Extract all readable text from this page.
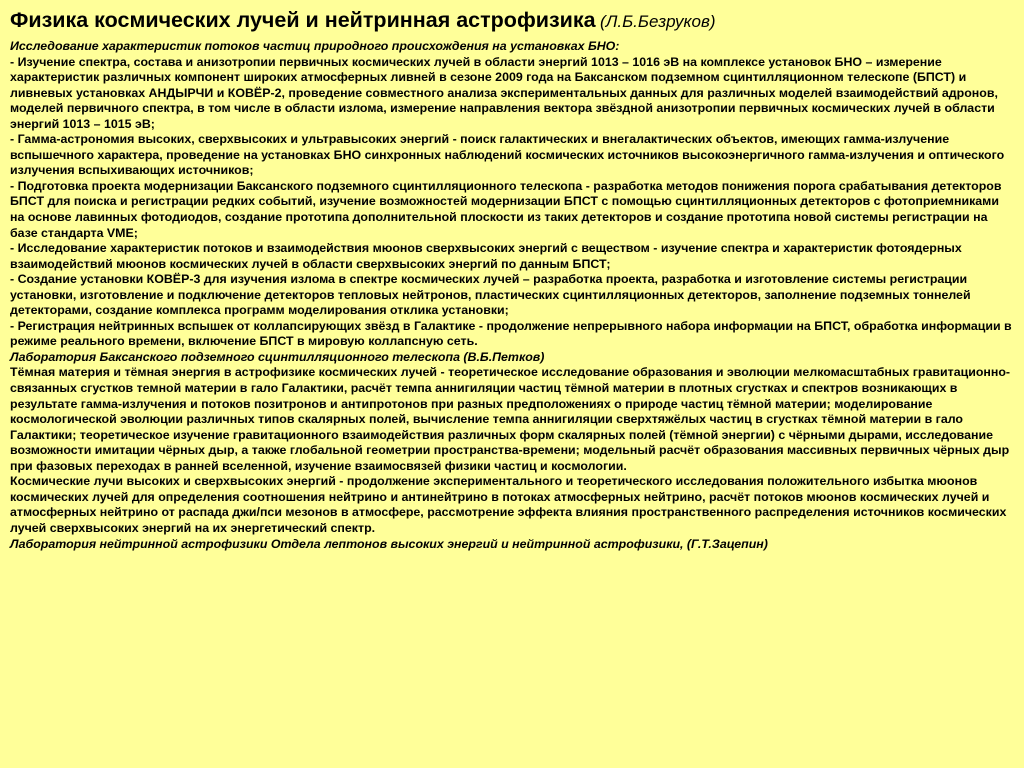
Физика космических лучей и нейтринная астрофизика (Л.Б.Безруков)

Исследование характеристик потоков частиц природного происхождения на установках БНО:

- Изучение спектра, состава и анизотропии первичных космических лучей в области энергий 1013 – 1016 эВ на комплексе установок БНО – измерение характеристик различных компонент широких атмосферных ливней в сезоне 2009 года на Баксанском подземном сцинтилляционном телескопе (БПСТ) и ливневых установках АНДЫРЧИ и КОВЁР-2, проведение совместного анализа экспериментальных данных для различных моделей взаимодействий адронов, моделей первичного спектра, в том числе в области излома, измерение направления вектора звёздной анизотропии первичных космических лучей в области энергий 1013 – 1015 эВ;

- Гамма-астрономия высоких, сверхвысоких и ультравысоких энергий - поиск галактических и внегалактических объектов, имеющих гамма-излучение вспышечного характера, проведение на установках БНО синхронных наблюдений космических источников высокоэнергичного гамма-излучения и оптического излучения вспыхивающих источников;

- Подготовка проекта модернизации Баксанского подземного сцинтилляционного телескопа - разработка методов понижения порога срабатывания детекторов БПСТ для поиска и регистрации редких событий, изучение возможностей модернизации БПСТ с помощью сцинтилляционных детекторов с фотоприемниками на основе лавинных фотодиодов, создание прототипа дополнительной плоскости из таких детекторов и создание прототипа новой системы регистрации на базе стандарта VME;

- Исследование характеристик потоков и взаимодействия мюонов сверхвысоких энергий с веществом - изучение спектра и характеристик фотоядерных взаимодействий мюонов космических лучей в области сверхвысоких энергий по данным БПСТ;

- Создание установки КОВЁР-3 для изучения излома в спектре космических лучей – разработка проекта, разработка и изготовление системы регистрации установки, изготовление и подключение детекторов тепловых нейтронов, пластических сцинтилляционных детекторов, заполнение подземных тоннелей детекторами, создание комплекса программ моделирования отклика установки;

- Регистрация нейтринных вспышек от коллапсирующих звёзд в Галактике - продолжение непрерывного набора информации на БПСТ, обработка информации в режиме реального времени, включение БПСТ в мировую коллапсную сеть.

Лаборатория Баксанского подземного сцинтилляционного телескопа (В.Б.Петков)

Тёмная материя и тёмная энергия в астрофизике космических лучей - теоретическое исследование образования и эволюции мелкомасштабных гравитационно-связанных сгустков темной материи в гало Галактики, расчёт темпа аннигиляции частиц тёмной материи в плотных сгустках и спектров возникающих в результате гамма-излучения и потоков позитронов и антипротонов при разных предположениях о природе частиц тёмной материи; моделирование космологической эволюции различных типов скалярных полей, вычисление темпа аннигиляции сверхтяжёлых частиц в сгустках тёмной материи в гало Галактики; теоретическое изучение гравитационного взаимодействия различных форм скалярных полей (тёмной энергии) с чёрными дырами, исследование возможности имитации чёрных дыр, а также глобальной геометрии пространства-времени; модельный расчёт образования массивных первичных чёрных дыр при фазовых переходах в ранней вселенной, изучение взаимосвязей физики частиц и космологии.

Космические лучи высоких и сверхвысоких энергий - продолжение экспериментального и теоретического исследования положительного избытка мюонов космических лучей для определения соотношения нейтрино и антинейтрино в потоках атмосферных нейтрино, расчёт потоков мюонов космических лучей и атмосферных нейтрино от распада джи/пси мезонов в атмосфере, рассмотрение эффекта влияния пространственного распределения источников космических лучей сверхвысоких энергий на их энергетический спектр.

Лаборатория нейтринной астрофизики Отдела лептонов высоких энергий и нейтринной астрофизики, (Г.Т.Зацепин)
